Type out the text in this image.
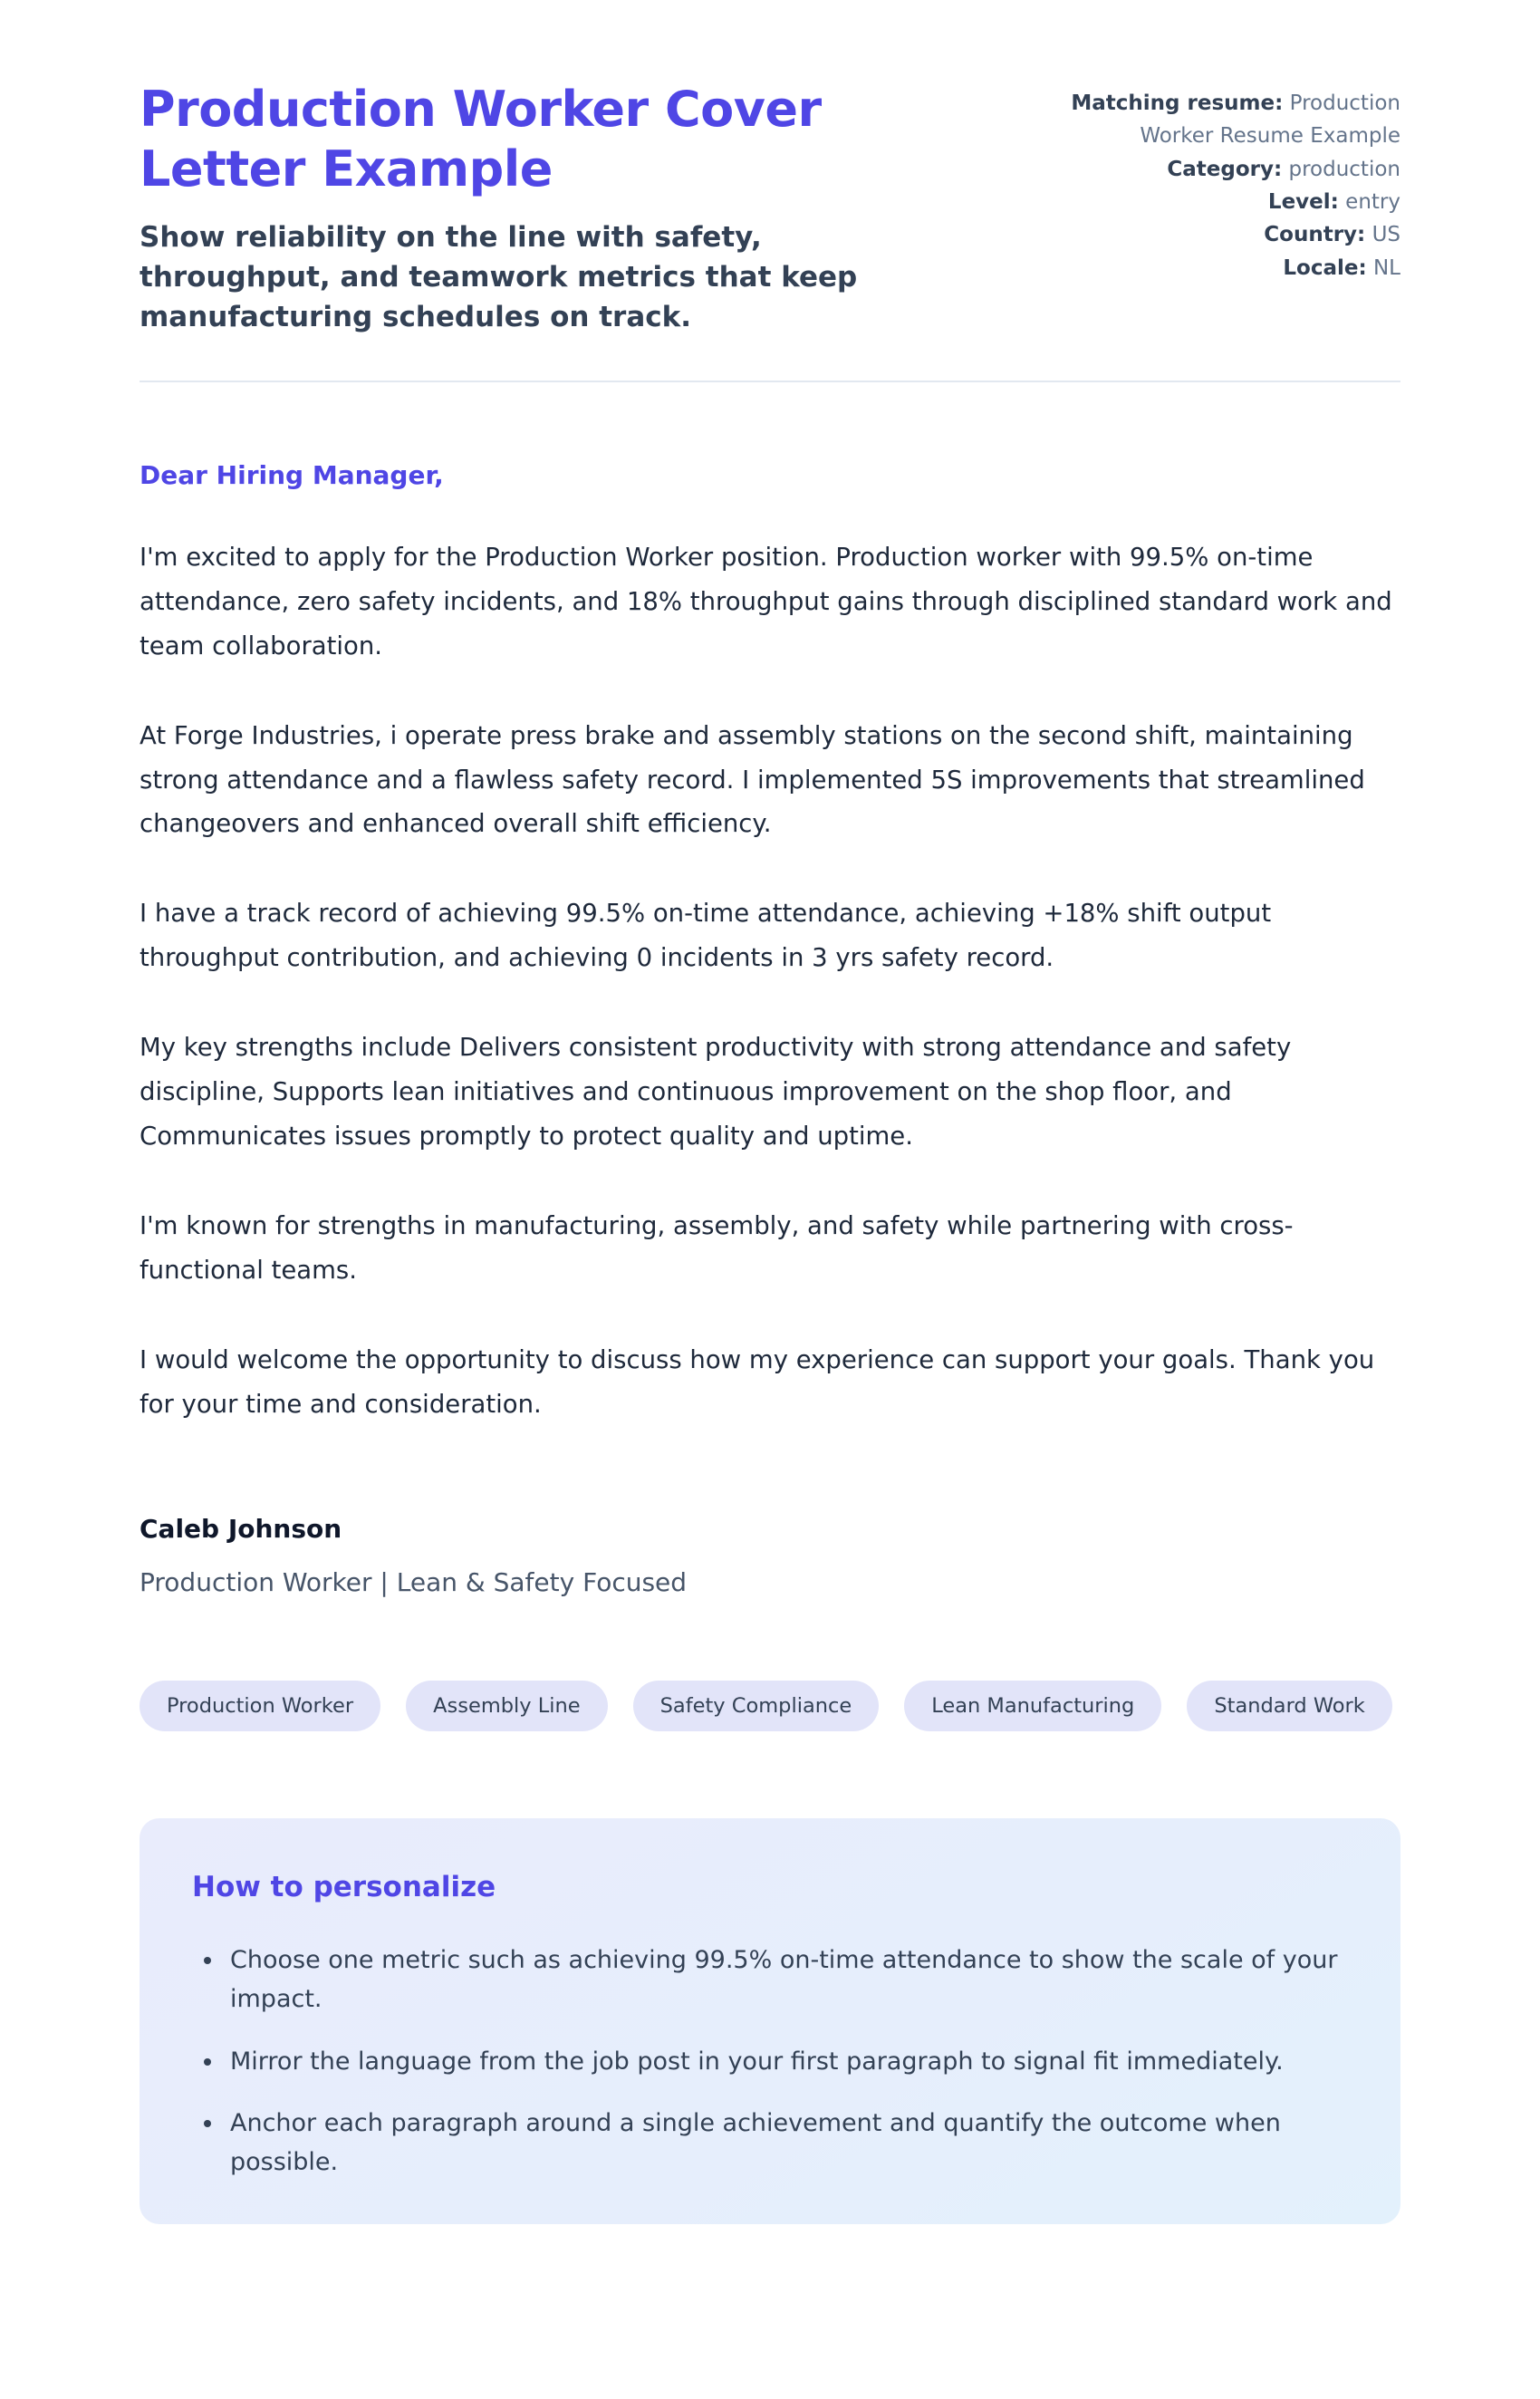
Production Worker Cover Letter Example
Show reliability on the line with safety, throughput, and teamwork metrics that keep manufacturing schedules on track.
Matching resume: Production Worker Resume Example
Category: production
Level: entry
Country: US
Locale: NL
Dear Hiring Manager,

I'm excited to apply for the Production Worker position. Production worker with 99.5% on-time attendance, zero safety incidents, and 18% throughput gains through disciplined standard work and team collaboration.

At Forge Industries, i operate press brake and assembly stations on the second shift, maintaining strong attendance and a flawless safety record. I implemented 5S improvements that streamlined changeovers and enhanced overall shift efficiency.

I have a track record of achieving 99.5% on-time attendance, achieving +18% shift output throughput contribution, and achieving 0 incidents in 3 yrs safety record.

My key strengths include Delivers consistent productivity with strong attendance and safety discipline, Supports lean initiatives and continuous improvement on the shop floor, and Communicates issues promptly to protect quality and uptime.

I'm known for strengths in manufacturing, assembly, and safety while partnering with cross-functional teams.

I would welcome the opportunity to discuss how my experience can support your goals. Thank you for your time and consideration.

Caleb Johnson
Production Worker | Lean & Safety Focused
Production Worker	Assembly Line	Safety Compliance	Lean Manufacturing	Standard Work
How to personalize
• Choose one metric such as achieving 99.5% on-time attendance to show the scale of your impact.
• Mirror the language from the job post in your first paragraph to signal fit immediately.
• Anchor each paragraph around a single achievement and quantify the outcome when possible.
